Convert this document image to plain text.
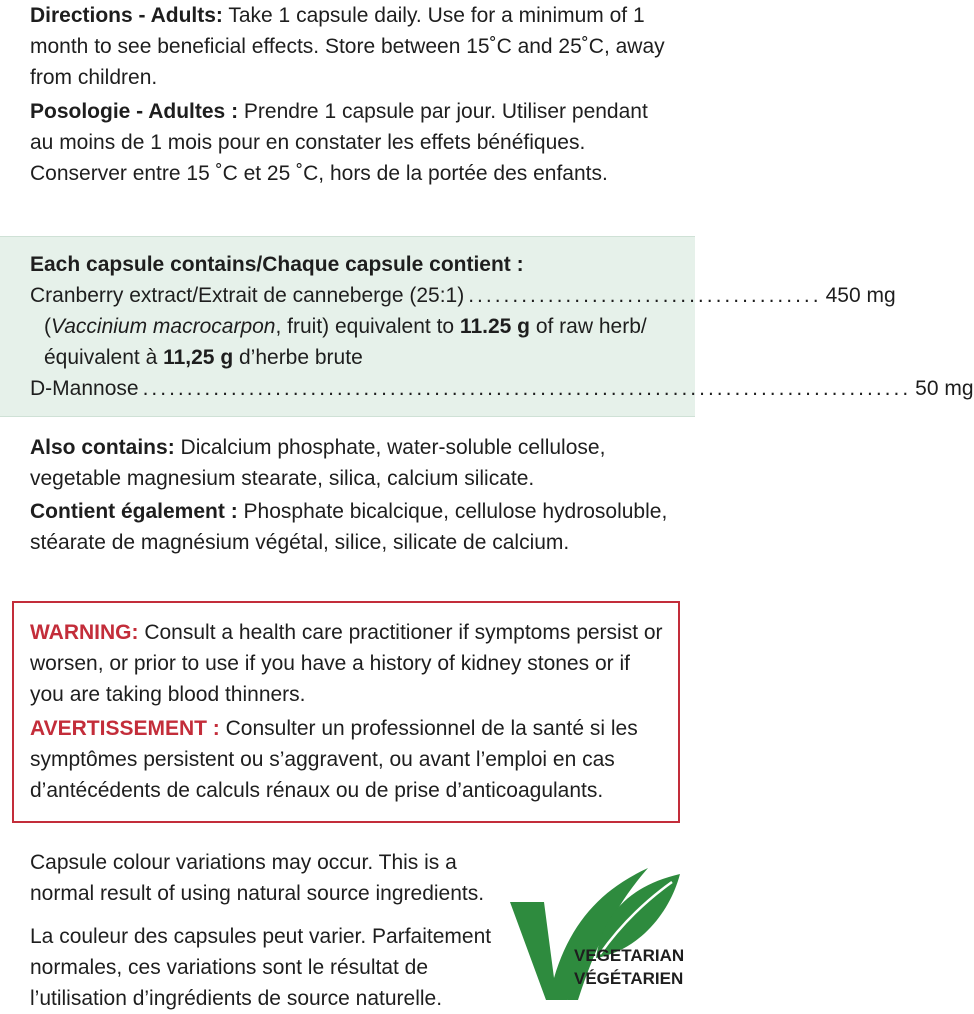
Directions - Adults: Take 1 capsule daily. Use for a minimum of 1 month to see beneficial effects. Store between 15˚C and 25˚C, away from children.

Posologie - Adultes : Prendre 1 capsule par jour. Utiliser pendant au moins de 1 mois pour en constater les effets bénéfiques. Conserver entre 15 ˚C et 25 ˚C, hors de la portée des enfants.

Each capsule contains/Chaque capsule contient :
Cranberry extract/Extrait de canneberge (25:1) ........................................ 450 mg
(Vaccinium macrocarpon, fruit) equivalent to 11.25 g of raw herb/équivalent à 11,25 g d’herbe brute
D-Mannose ....................................................................................... 50 mg

Also contains: Dicalcium phosphate, water-soluble cellulose, vegetable magnesium stearate, silica, calcium silicate.

Contient également : Phosphate bicalcique, cellulose hydrosoluble, stéarate de magnésium végétal, silice, silicate de calcium.

WARNING: Consult a health care practitioner if symptoms persist or worsen, or prior to use if you have a history of kidney stones or if you are taking blood thinners.

AVERTISSEMENT : Consulter un professionnel de la santé si les symptômes persistent ou s’aggravent, ou avant l’emploi en cas d’antécédents de calculs rénaux ou de prise d’anticoagulants.

Capsule colour variations may occur. This is a normal result of using natural source ingredients.

La couleur des capsules peut varier. Parfaitement normales, ces variations sont le résultat de l’utilisation d’ingrédients de source naturelle.

VEGETARIAN
VÉGÉTARIEN
